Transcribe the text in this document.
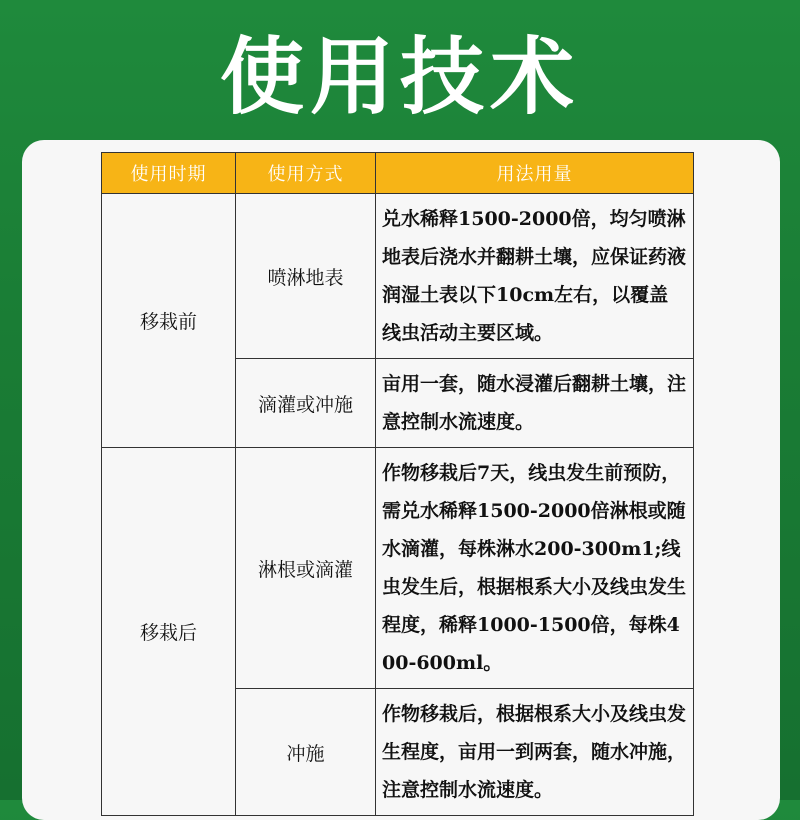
使用技术
使用时期	使用方式	用法用量
移栽前	喷淋地表	兑水稀释1500-2000倍，均匀喷淋地表后浇水并翻耕土壤，应保证药液润湿土表以下10cm左右，以覆盖线虫活动主要区域。
	滴灌或冲施	亩用一套，随水浸灌后翻耕土壤，注意控制水流速度。
移栽后	淋根或滴灌	作物移栽后7天，线虫发生前预防，需兑水稀释1500-2000倍淋根或随水滴灌，每株淋水200-300m1;线虫发生后，根据根系大小及线虫发生程度，稀释1000-1500倍，每株400-600ml。
	冲施	作物移栽后，根据根系大小及线虫发生程度，亩用一到两套，随水冲施，注意控制水流速度。
